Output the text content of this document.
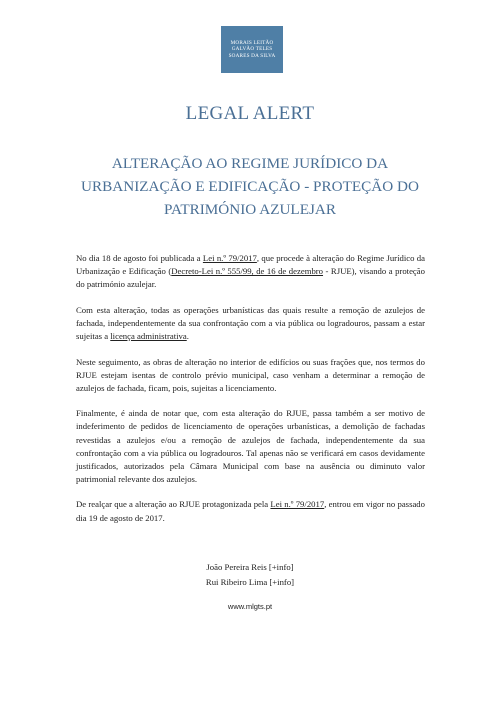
MORAIS LEITÃO
GALVÃO TELES
SOARES DA SILVA
LEGAL ALERT
ALTERAÇÃO AO REGIME JURÍDICO DA
URBANIZAÇÃO E EDIFICAÇÃO - PROTEÇÃO DO
PATRIMÓNIO AZULEJAR

No dia 18 de agosto foi publicada a Lei n.º 79/2017, que procede à alteração do Regime Jurídico da Urbanização e Edificação (Decreto-Lei n.º 555/99, de 16 de dezembro - RJUE), visando a proteção do património azulejar.

Com esta alteração, todas as operações urbanísticas das quais resulte a remoção de azulejos de fachada, independentemente da sua confrontação com a via pública ou logradouros, passam a estar sujeitas a licença administrativa.

Neste seguimento, as obras de alteração no interior de edifícios ou suas frações que, nos termos do RJUE estejam isentas de controlo prévio municipal, caso venham a determinar a remoção de azulejos de fachada, ficam, pois, sujeitas a licenciamento.

Finalmente, é ainda de notar que, com esta alteração do RJUE, passa também a ser motivo de indeferimento de pedidos de licenciamento de operações urbanísticas, a demolição de fachadas revestidas a azulejos e/ou a remoção de azulejos de fachada, independentemente da sua confrontação com a via pública ou logradouros. Tal apenas não se verificará em casos devidamente justificados, autorizados pela Câmara Municipal com base na ausência ou diminuto valor patrimonial relevante dos azulejos.

De realçar que a alteração ao RJUE protagonizada pela Lei n.º 79/2017, entrou em vigor no passado dia 19 de agosto de 2017.

João Pereira Reis [+info]
Rui Ribeiro Lima [+info]
www.mlgts.pt
